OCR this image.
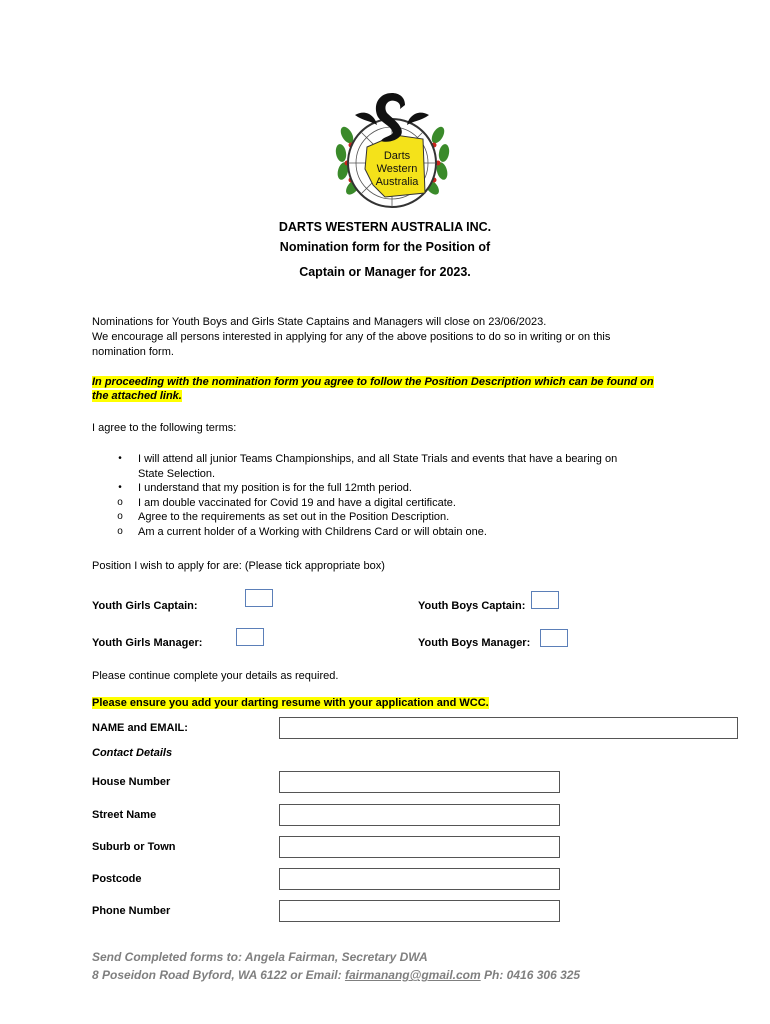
Darts
Western
Australia
DARTS WESTERN AUSTRALIA INC.
Nomination form for the Position of
Captain or Manager for 2023.
Nominations for Youth Boys and Girls State Captains and Managers will close on 23/06/2023.
We encourage all persons interested in applying for any of the above positions to do so in writing or on this
nomination form.
In proceeding with the nomination form you agree to follow the Position Description which can be found on
the attached link.
I agree to the following terms:
•	I will attend all junior Teams Championships, and all State Trials and events that have a bearing on
State Selection.
•	I understand that my position is for the full 12mth period.
o I am double vaccinated for Covid 19 and have a digital certificate.
o Agree to the requirements as set out in the Position Description.
o Am a current holder of a Working with Childrens Card or will obtain one.
Position I wish to apply for are: (Please tick appropriate box)
Youth Girls Captain:	Youth Boys Captain:
Youth Girls Manager:	Youth Boys Manager:
Please continue complete your details as required.
Please ensure you add your darting resume with your application and WCC.
NAME and EMAIL:
Contact Details
House Number
Street Name
Suburb or Town
Postcode
Phone Number
Send Completed forms to: Angela Fairman, Secretary DWA
8 Poseidon Road Byford, WA 6122 or Email: fairmanang@gmail.com Ph: 0416 306 325
